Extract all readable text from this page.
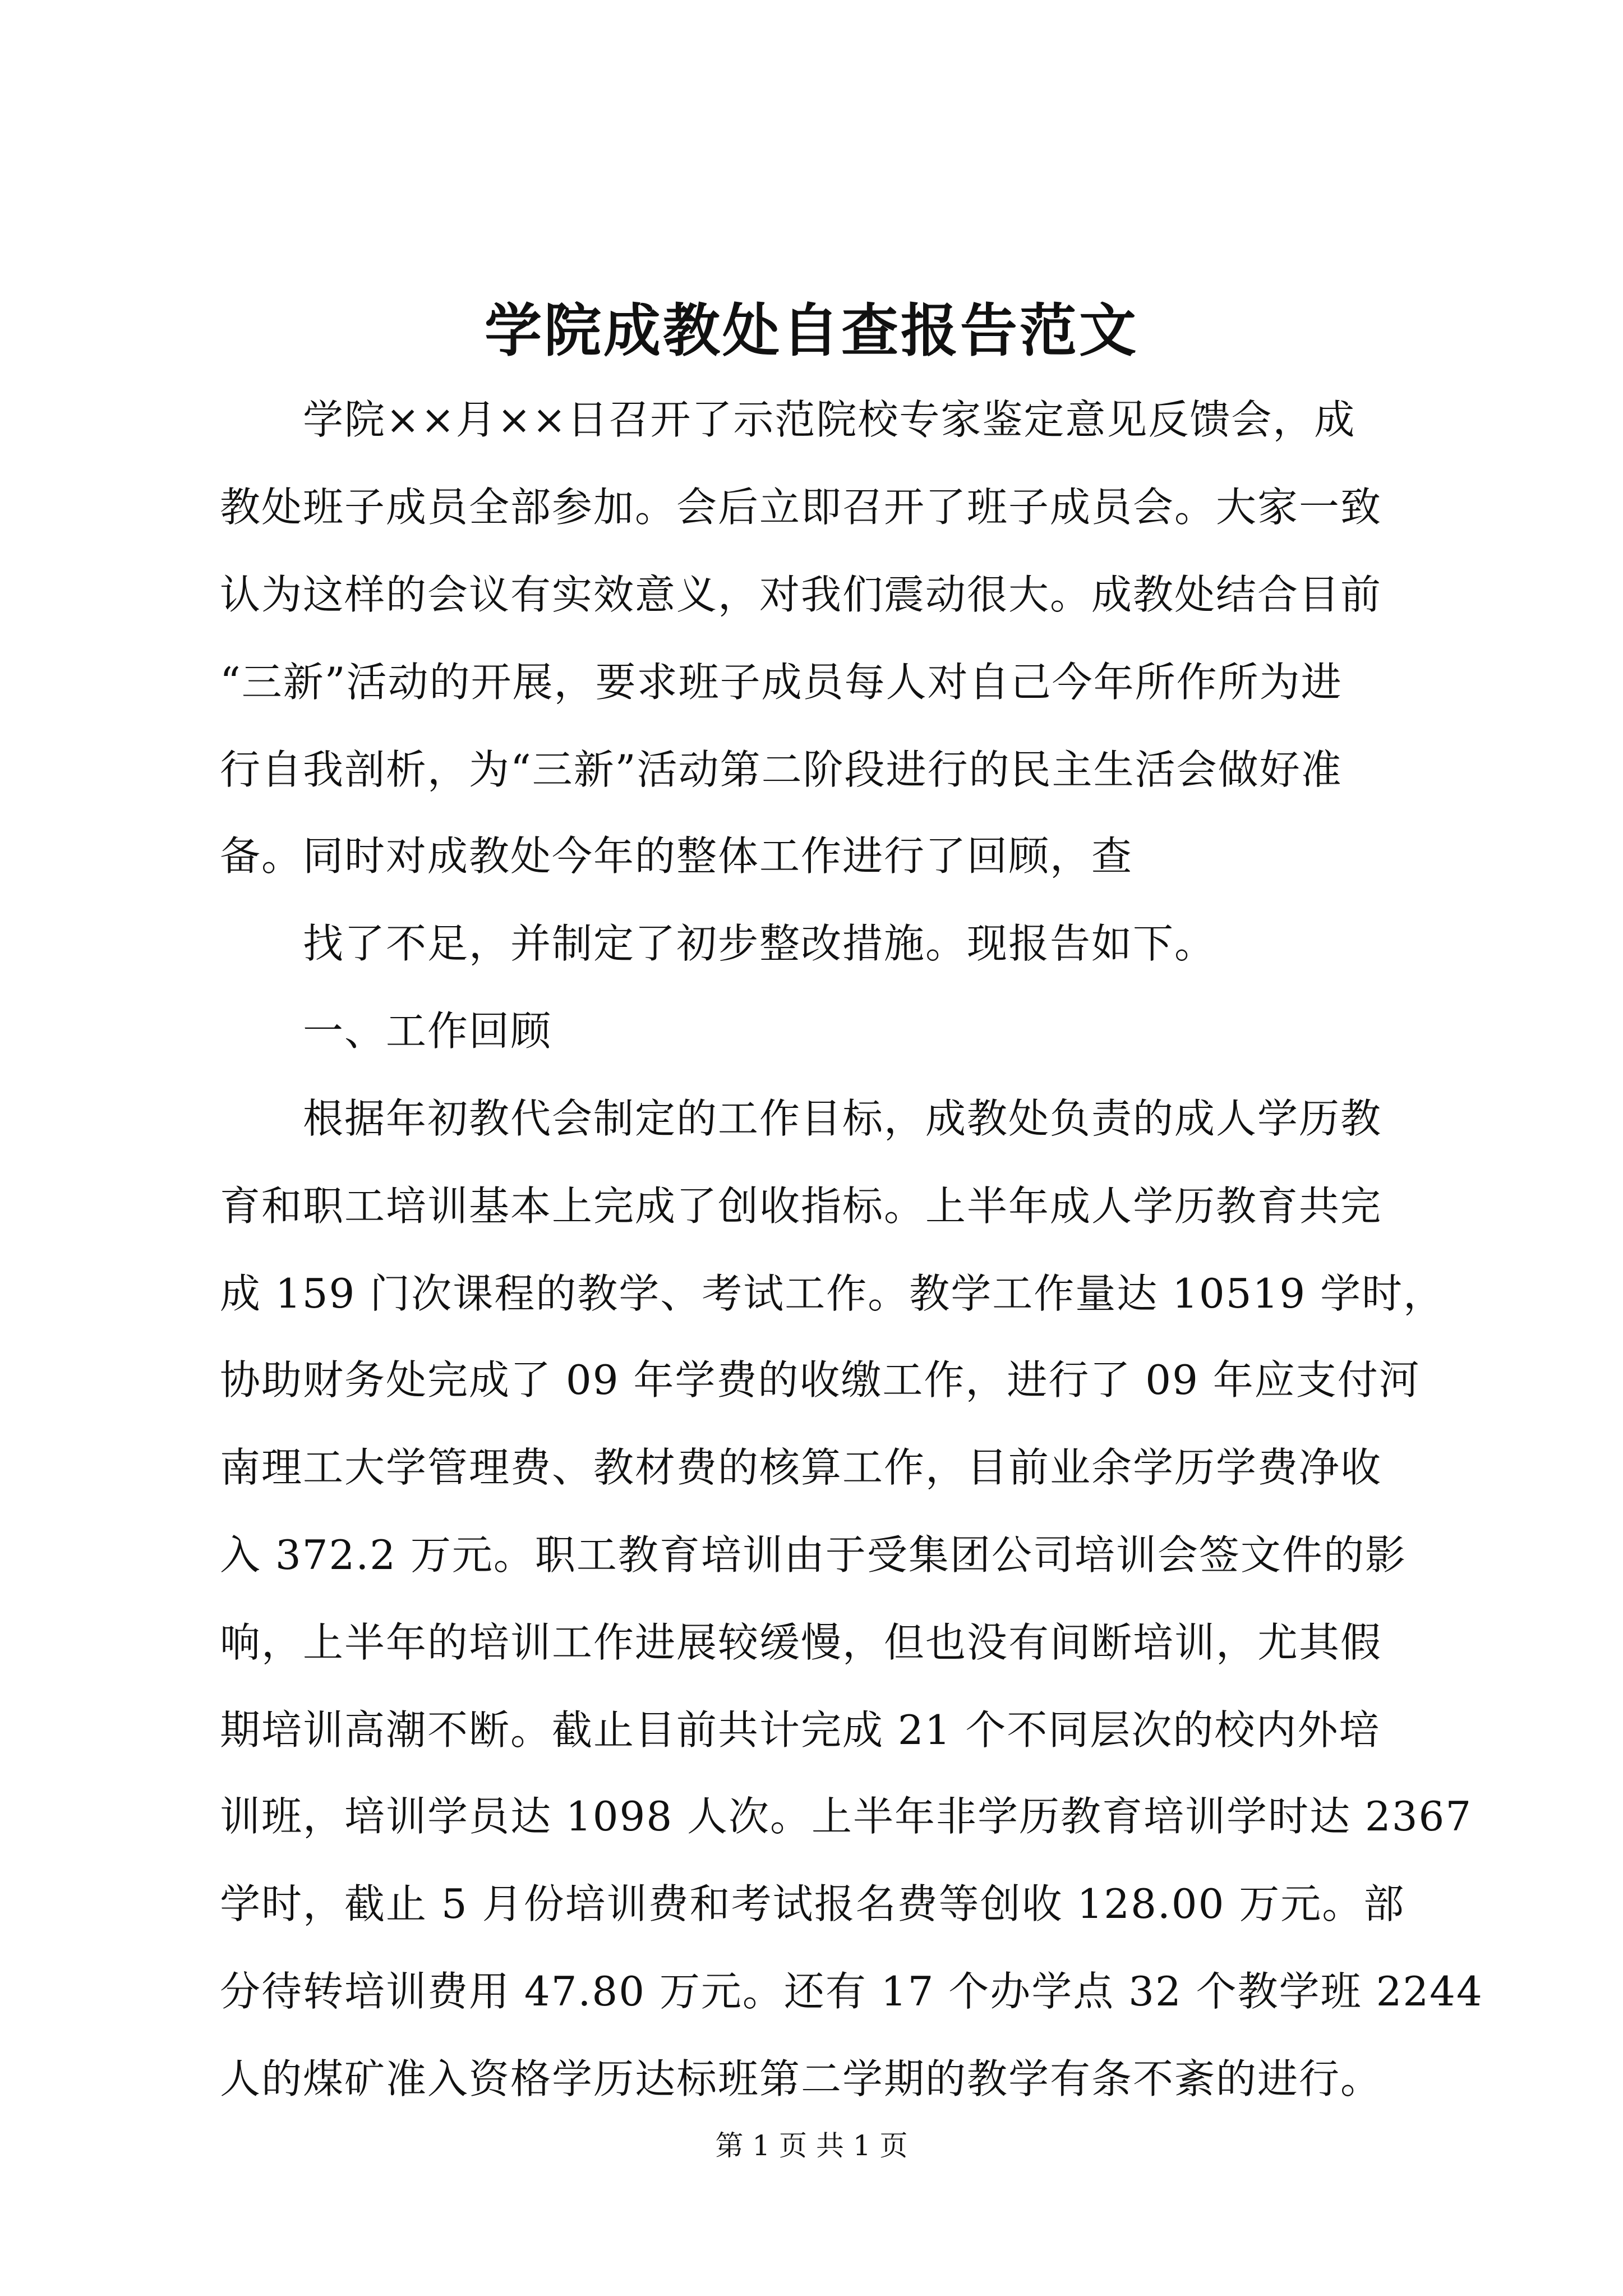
学院成教处自查报告范文
学院××月××日召开了示范院校专家鉴定意见反馈会，成
教处班子成员全部参加。会后立即召开了班子成员会。大家一致
认为这样的会议有实效意义，对我们震动很大。成教处结合目前
“三新”活动的开展，要求班子成员每人对自己今年所作所为进
行自我剖析，为“三新”活动第二阶段进行的民主生活会做好准
备。同时对成教处今年的整体工作进行了回顾，查
找了不足，并制定了初步整改措施。现报告如下。
一、工作回顾
根据年初教代会制定的工作目标，成教处负责的成人学历教
育和职工培训基本上完成了创收指标。上半年成人学历教育共完
成 159 门次课程的教学、考试工作。教学工作量达 10519 学时，
协助财务处完成了 09 年学费的收缴工作，进行了 09 年应支付河
南理工大学管理费、教材费的核算工作，目前业余学历学费净收
入 372.2 万元。职工教育培训由于受集团公司培训会签文件的影
响，上半年的培训工作进展较缓慢，但也没有间断培训，尤其假
期培训高潮不断。截止目前共计完成 21 个不同层次的校内外培
训班，培训学员达 1098 人次。上半年非学历教育培训学时达 2367
学时，截止 5 月份培训费和考试报名费等创收 128.00 万元。部
分待转培训费用 47.80 万元。还有 17 个办学点 32 个教学班 2244
人的煤矿准入资格学历达标班第二学期的教学有条不紊的进行。
第 1 页 共 1 页
